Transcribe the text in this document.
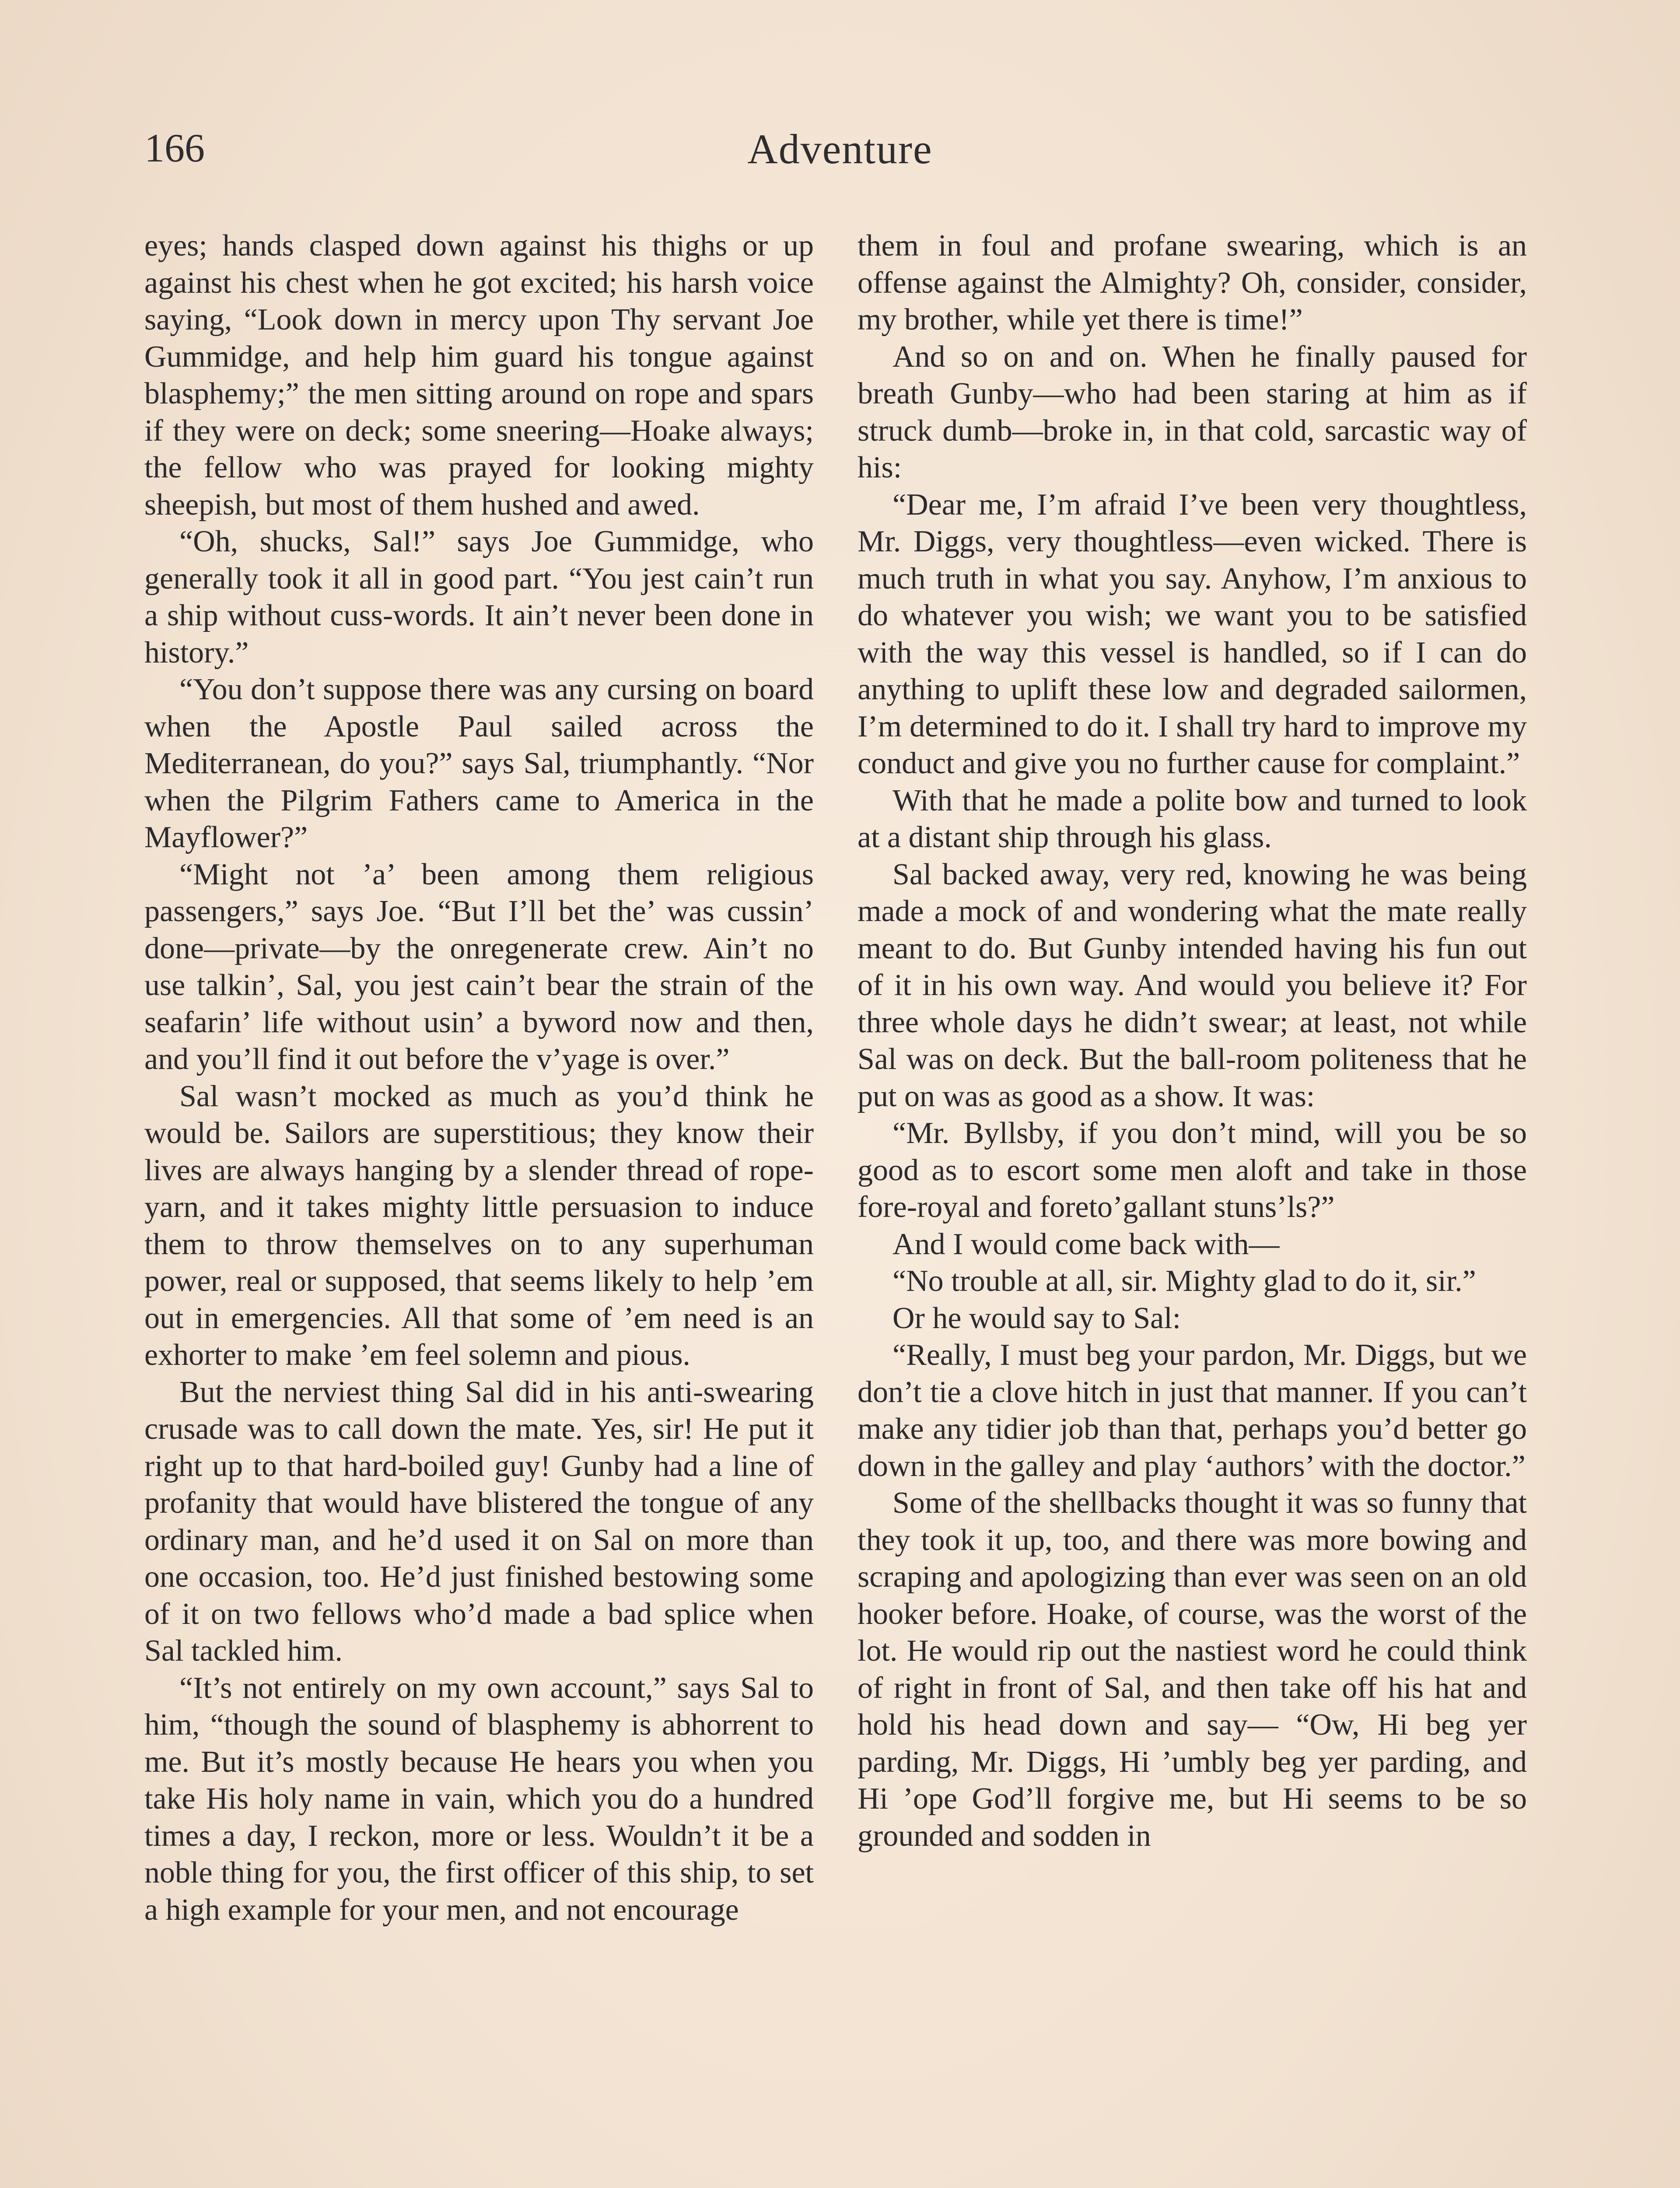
166	Adventure

eyes; hands clasped down against his thighs or up against his chest when he got excited; his harsh voice saying, “Look down in mercy upon Thy servant Joe Gummidge, and help him guard his tongue against blasphemy;” the men sitting around on rope and spars if they were on deck; some sneering—Hoake always; the fellow who was prayed for looking mighty sheepish, but most of them hushed and awed.

“Oh, shucks, Sal!” says Joe Gummidge, who generally took it all in good part. “You jest cain’t run a ship without cuss-words. It ain’t never been done in history.”

“You don’t suppose there was any cursing on board when the Apostle Paul sailed across the Mediterranean, do you?” says Sal, triumphantly. “Nor when the Pilgrim Fathers came to America in the Mayflower?”

“Might not ’a’ been among them religious passengers,” says Joe. “But I’ll bet the’ was cussin’ done—private—by the onregenerate crew. Ain’t no use talkin’, Sal, you jest cain’t bear the strain of the seafarin’ life without usin’ a byword now and then, and you’ll find it out before the v’yage is over.”

Sal wasn’t mocked as much as you’d think he would be. Sailors are superstitious; they know their lives are always hanging by a slender thread of rope-yarn, and it takes mighty little persuasion to induce them to throw themselves on to any superhuman power, real or supposed, that seems likely to help ’em out in emergencies. All that some of ’em need is an exhorter to make ’em feel solemn and pious.

But the nerviest thing Sal did in his anti-swearing crusade was to call down the mate. Yes, sir! He put it right up to that hard-boiled guy! Gunby had a line of profanity that would have blistered the tongue of any ordinary man, and he’d used it on Sal on more than one occasion, too. He’d just finished bestowing some of it on two fellows who’d made a bad splice when Sal tackled him.

“It’s not entirely on my own account,” says Sal to him, “though the sound of blasphemy is abhorrent to me. But it’s mostly because He hears you when you take His holy name in vain, which you do a hundred times a day, I reckon, more or less. Wouldn’t it be a noble thing for you, the first officer of this ship, to set a high example for your men, and not encourage

them in foul and profane swearing, which is an offense against the Almighty? Oh, consider, consider, my brother, while yet there is time!”

And so on and on. When he finally paused for breath Gunby—who had been staring at him as if struck dumb—broke in, in that cold, sarcastic way of his:

“Dear me, I’m afraid I’ve been very thoughtless, Mr. Diggs, very thoughtless—even wicked. There is much truth in what you say. Anyhow, I’m anxious to do whatever you wish; we want you to be satisfied with the way this vessel is handled, so if I can do anything to uplift these low and degraded sailormen, I’m determined to do it. I shall try hard to improve my conduct and give you no further cause for complaint.”

With that he made a polite bow and turned to look at a distant ship through his glass.

Sal backed away, very red, knowing he was being made a mock of and wondering what the mate really meant to do. But Gunby intended having his fun out of it in his own way. And would you believe it? For three whole days he didn’t swear; at least, not while Sal was on deck. But the ball-room politeness that he put on was as good as a show. It was:

“Mr. Byllsby, if you don’t mind, will you be so good as to escort some men aloft and take in those fore-royal and foreto’gallant stuns’ls?”

And I would come back with—

“No trouble at all, sir. Mighty glad to do it, sir.”

Or he would say to Sal:

“Really, I must beg your pardon, Mr. Diggs, but we don’t tie a clove hitch in just that manner. If you can’t make any tidier job than that, perhaps you’d better go down in the galley and play ‘authors’ with the doctor.”

Some of the shellbacks thought it was so funny that they took it up, too, and there was more bowing and scraping and apologizing than ever was seen on an old hooker before. Hoake, of course, was the worst of the lot. He would rip out the nastiest word he could think of right in front of Sal, and then take off his hat and hold his head down and say— “Ow, Hi beg yer parding, Mr. Diggs, Hi ’umbly beg yer parding, and Hi ’ope God’ll forgive me, but Hi seems to be so grounded and sodden in
